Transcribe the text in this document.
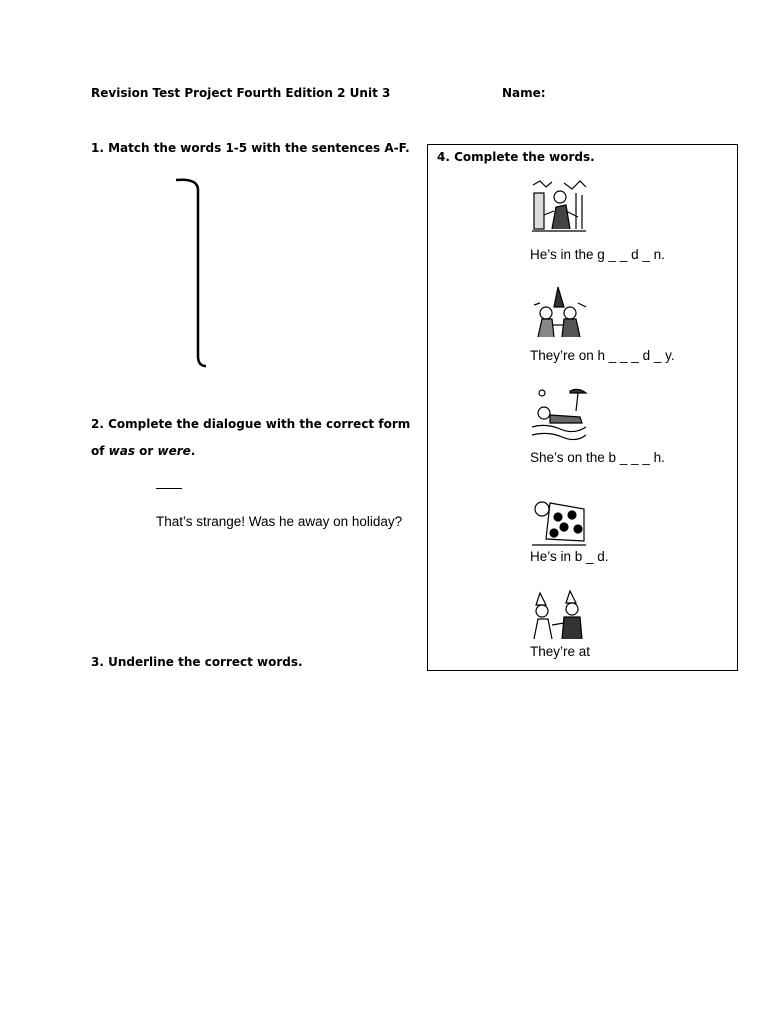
Revision Test Project Fourth Edition 2 Unit 3	Name:
1. Match the words 1-5 with the sentences A-F.
2. Complete the dialogue with the correct form
of was or were.
That’s strange! Was he away on holiday?
3. Underline the correct words.
4. Complete the words.
He’s in the g _ _ d _ n.
They’re on h _ _ _ d _ y.
She’s on the b _ _ _ h.
He’s in b _ d.
They’re at
